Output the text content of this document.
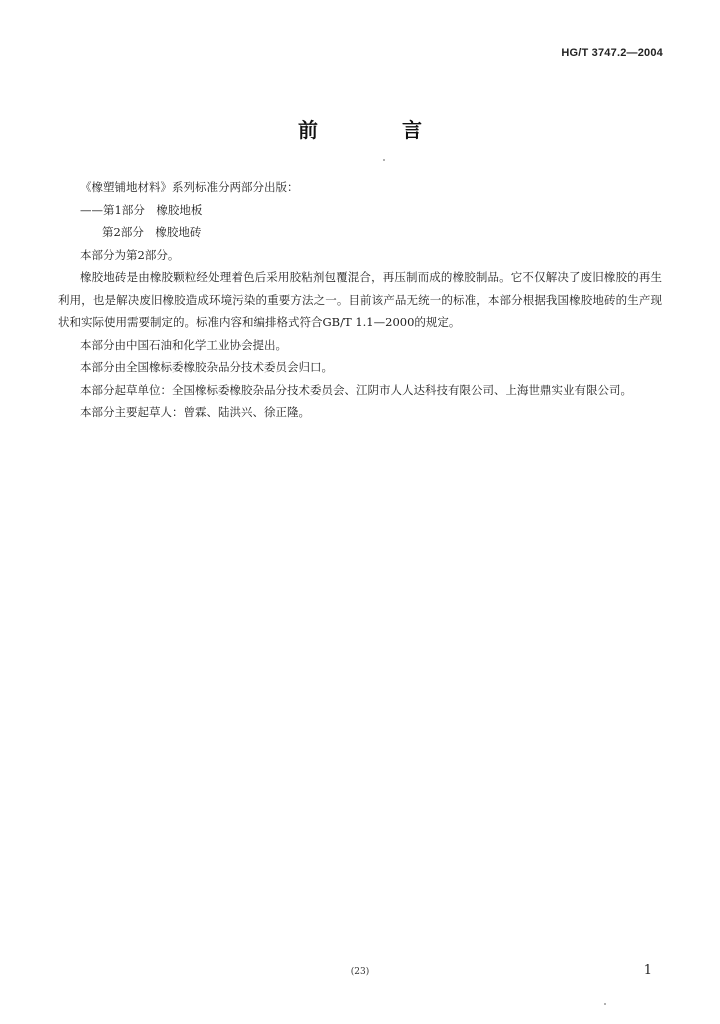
HG/T 3747.2—2004
前　言

《橡塑铺地材料》系列标准分两部分出版：

——第1部分　橡胶地板

第2部分　橡胶地砖

本部分为第2部分。

橡胶地砖是由橡胶颗粒经处理着色后采用胶粘剂包覆混合，再压制而成的橡胶制品。它不仅解决了废旧橡胶的再生利用，也是解决废旧橡胶造成环境污染的重要方法之一。目前该产品无统一的标准，本部分根据我国橡胶地砖的生产现状和实际使用需要制定的。标准内容和编排格式符合GB/T 1.1—2000的规定。

本部分由中国石油和化学工业协会提出。

本部分由全国橡标委橡胶杂品分技术委员会归口。

本部分起草单位：全国橡标委橡胶杂品分技术委员会、江阴市人人达科技有限公司、上海世鼎实业有限公司。

本部分主要起草人：曾霖、陆洪兴、徐正隆。

(23)	1
